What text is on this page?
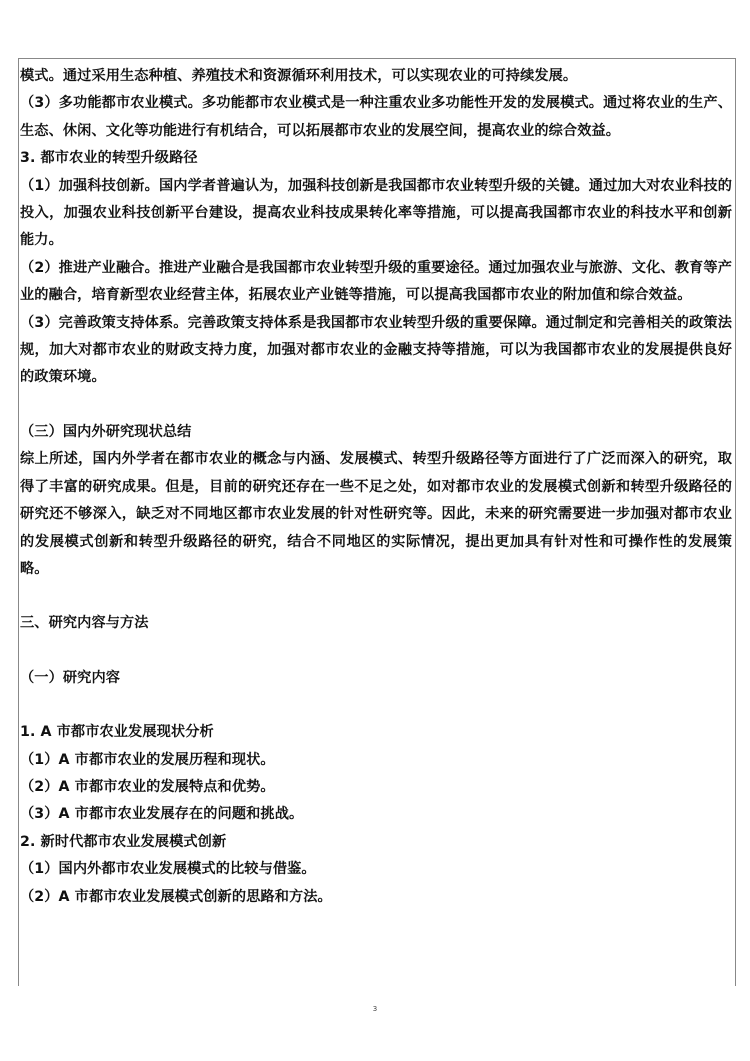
模式。通过采用生态种植、养殖技术和资源循环利用技术，可以实现农业的可持续发展。

（3）多功能都市农业模式。多功能都市农业模式是一种注重农业多功能性开发的发展模式。通过将农业的生产、生态、休闲、文化等功能进行有机结合，可以拓展都市农业的发展空间，提高农业的综合效益。

3. 都市农业的转型升级路径

（1）加强科技创新。国内学者普遍认为，加强科技创新是我国都市农业转型升级的关键。通过加大对农业科技的投入，加强农业科技创新平台建设，提高农业科技成果转化率等措施，可以提高我国都市农业的科技水平和创新能力。

（2）推进产业融合。推进产业融合是我国都市农业转型升级的重要途径。通过加强农业与旅游、文化、教育等产业的融合，培育新型农业经营主体，拓展农业产业链等措施，可以提高我国都市农业的附加值和综合效益。

（3）完善政策支持体系。完善政策支持体系是我国都市农业转型升级的重要保障。通过制定和完善相关的政策法规，加大对都市农业的财政支持力度，加强对都市农业的金融支持等措施，可以为我国都市农业的发展提供良好的政策环境。

（三）国内外研究现状总结

综上所述，国内外学者在都市农业的概念与内涵、发展模式、转型升级路径等方面进行了广泛而深入的研究，取得了丰富的研究成果。但是，目前的研究还存在一些不足之处，如对都市农业的发展模式创新和转型升级路径的研究还不够深入，缺乏对不同地区都市农业发展的针对性研究等。因此，未来的研究需要进一步加强对都市农业的发展模式创新和转型升级路径的研究，结合不同地区的实际情况，提出更加具有针对性和可操作性的发展策略。

三、研究内容与方法

（一）研究内容

1. A 市都市农业发展现状分析

（1）A 市都市农业的发展历程和现状。

（2）A 市都市农业的发展特点和优势。

（3）A 市都市农业发展存在的问题和挑战。

2. 新时代都市农业发展模式创新

（1）国内外都市农业发展模式的比较与借鉴。

（2）A 市都市农业发展模式创新的思路和方法。

3
